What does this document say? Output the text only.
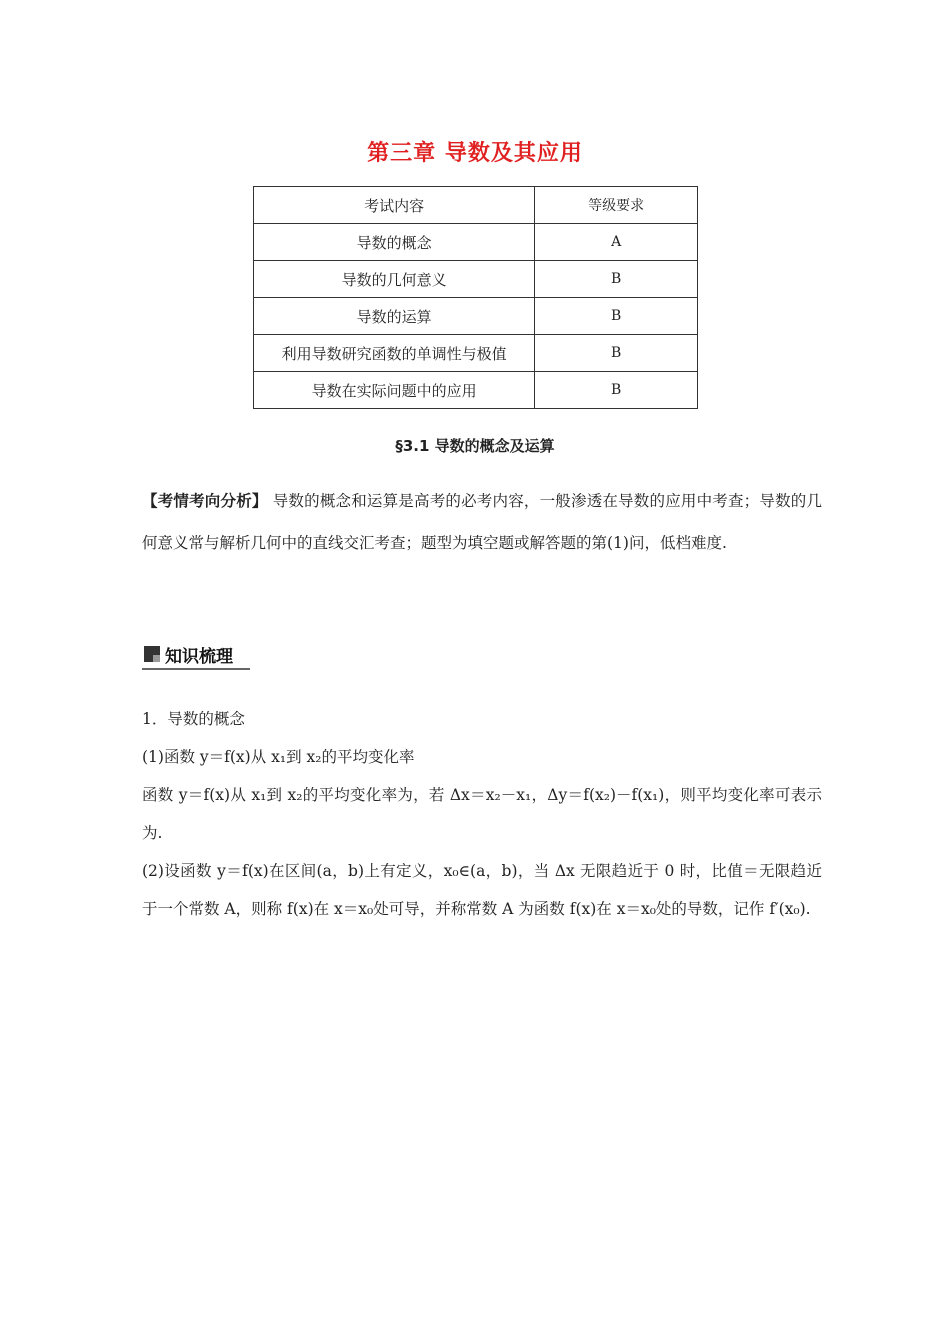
第三章 导数及其应用
考试内容	等级要求
导数的概念	A
导数的几何意义	B
导数的运算	B
利用导数研究函数的单调性与极值	B
导数在实际问题中的应用	B
§3.1 导数的概念及运算
【考情考向分析】 导数的概念和运算是高考的必考内容，一般渗透在导数的应用中考查；导数的几何意义常与解析几何中的直线交汇考查；题型为填空题或解答题的第(1)问，低档难度.
知识梳理
1．导数的概念
(1)函数 y＝f(x)从 x₁到 x₂的平均变化率
函数 y＝f(x)从 x₁到 x₂的平均变化率为，若 Δx＝x₂－x₁，Δy＝f(x₂)－f(x₁)，则平均变化率可表示为.
(2)设函数 y＝f(x)在区间(a，b)上有定义，x₀∈(a，b)，当 Δx 无限趋近于 0 时，比值＝无限趋近于一个常数 A，则称 f(x)在 x＝x₀处可导，并称常数 A 为函数 f(x)在 x＝x₀处的导数，记作 f′(x₀).
